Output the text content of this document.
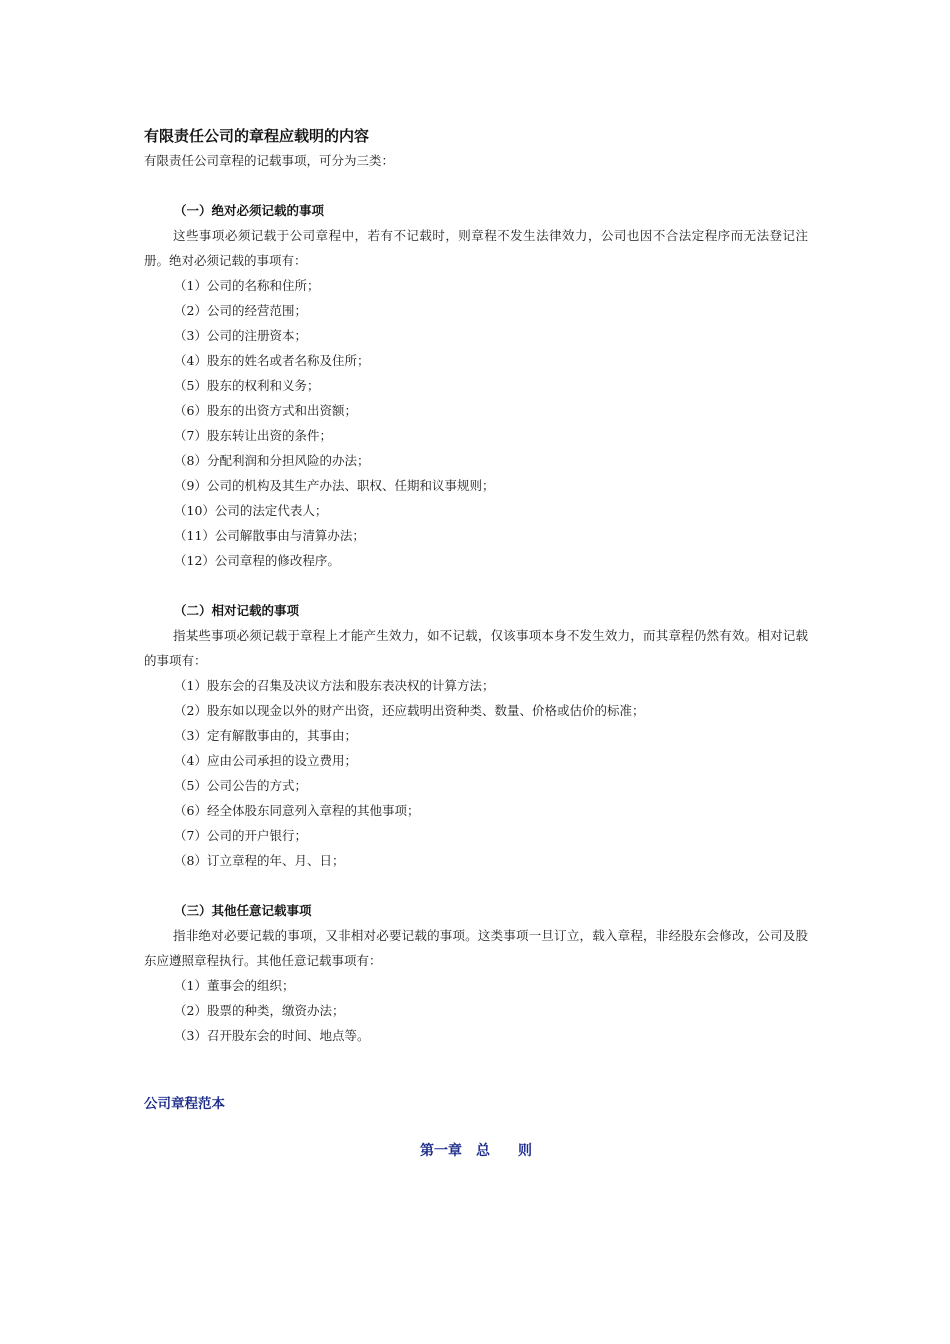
有限责任公司的章程应载明的内容
有限责任公司章程的记载事项，可分为三类：
（一）绝对必须记载的事项
这些事项必须记载于公司章程中，若有不记载时，则章程不发生法律效力，公司也因不合法定程序而无法登记注册。绝对必须记载的事项有：
（1）公司的名称和住所；
（2）公司的经营范围；
（3）公司的注册资本；
（4）股东的姓名或者名称及住所；
（5）股东的权利和义务；
（6）股东的出资方式和出资额；
（7）股东转让出资的条件；
（8）分配利润和分担风险的办法；
（9）公司的机构及其生产办法、职权、任期和议事规则；
（10）公司的法定代表人；
（11）公司解散事由与清算办法；
（12）公司章程的修改程序。
（二）相对记载的事项
指某些事项必须记载于章程上才能产生效力，如不记载，仅该事项本身不发生效力，而其章程仍然有效。相对记载的事项有：
（1）股东会的召集及决议方法和股东表决权的计算方法；
（2）股东如以现金以外的财产出资，还应载明出资种类、数量、价格或估价的标准；
（3）定有解散事由的，其事由；
（4）应由公司承担的设立费用；
（5）公司公告的方式；
（6）经全体股东同意列入章程的其他事项；
（7）公司的开户银行；
（8）订立章程的年、月、日；
（三）其他任意记载事项
指非绝对必要记载的事项，又非相对必要记载的事项。这类事项一旦订立，载入章程，非经股东会修改，公司及股东应遵照章程执行。其他任意记载事项有：
（1）董事会的组织；
（2）股票的种类，缴资办法；
（3）召开股东会的时间、地点等。
公司章程范本
第一章　总　　则
